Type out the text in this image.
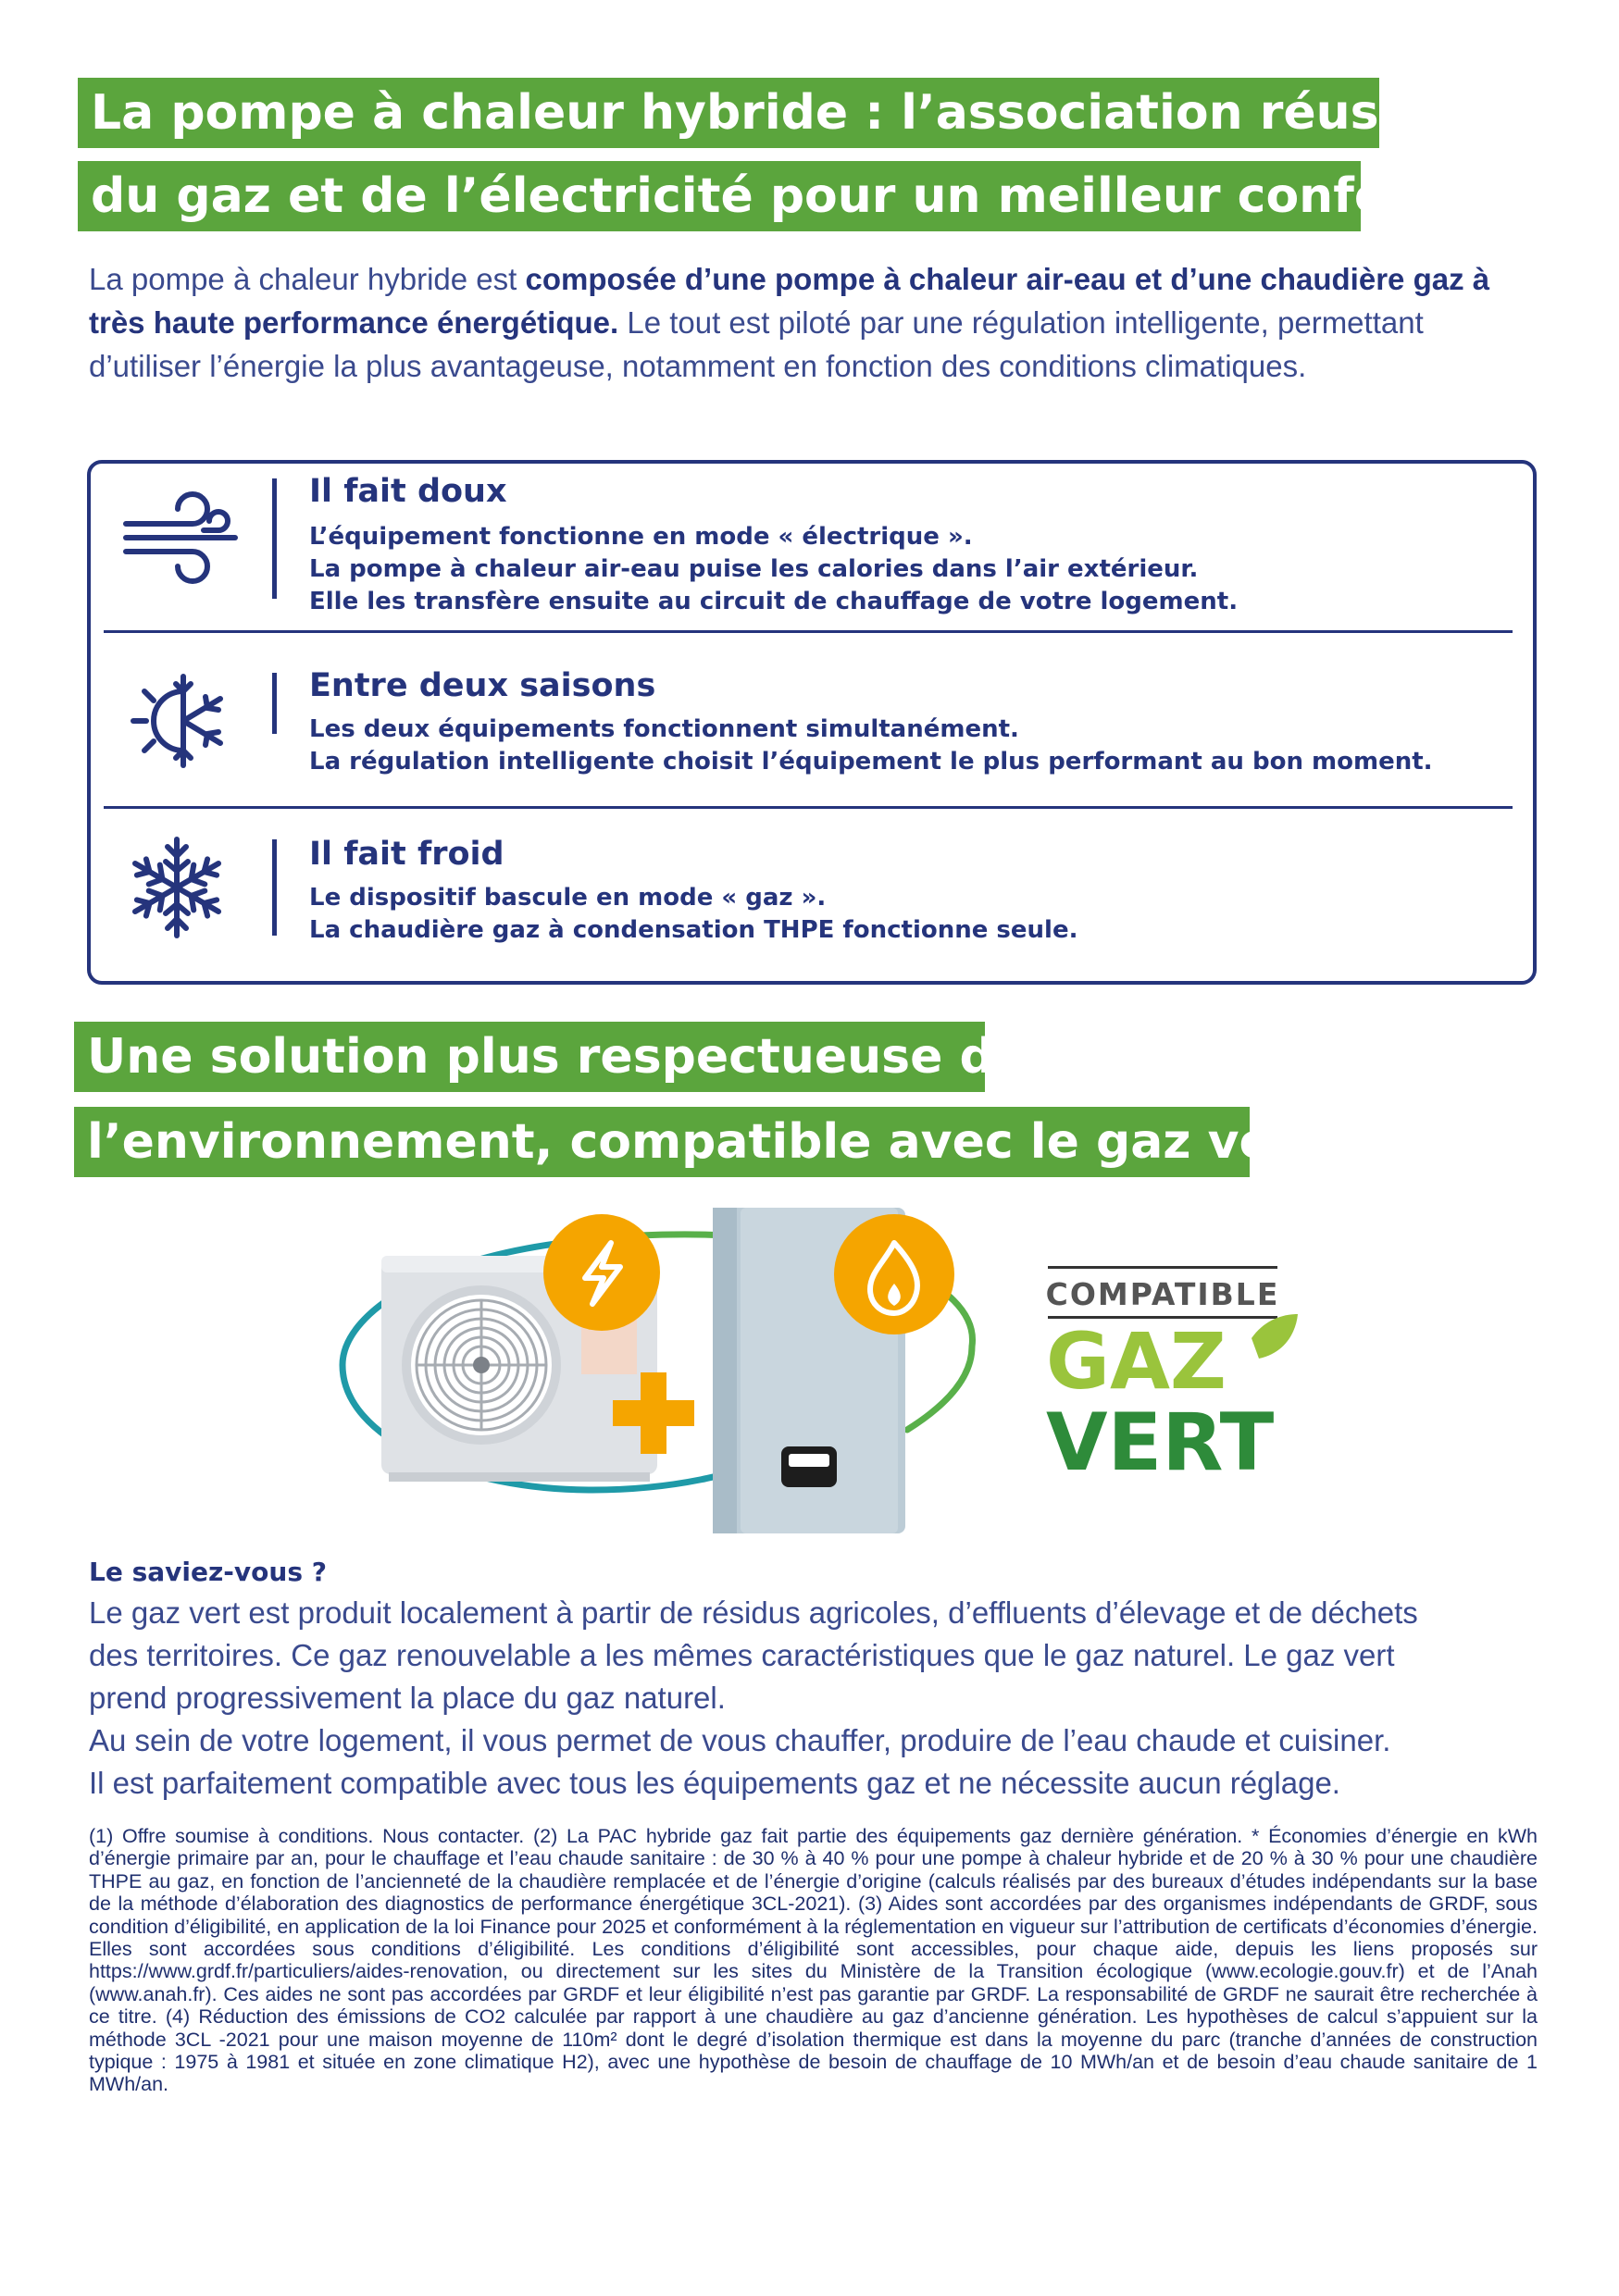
La pompe à chaleur hybride : l’association réussie
du gaz et de l’électricité pour un meilleur confort
La pompe à chaleur hybride est composée d’une pompe à chaleur air-eau et d’une chaudière gaz à très haute performance énergétique. Le tout est piloté par une régulation intelligente, permettant d’utiliser l’énergie la plus avantageuse, notamment en fonction des conditions climatiques.
Il fait doux
L’équipement fonctionne en mode « électrique ».
La pompe à chaleur air-eau puise les calories dans l’air extérieur.
Elle les transfère ensuite au circuit de chauffage de votre logement.
Entre deux saisons
Les deux équipements fonctionnent simultanément.
La régulation intelligente choisit l’équipement le plus performant au bon moment.
Il fait froid
Le dispositif bascule en mode « gaz ».
La chaudière gaz à condensation THPE fonctionne seule.
Une solution plus respectueuse de
l’environnement, compatible avec le gaz vert
COMPATIBLE
GAZ
VERT
Le saviez-vous ?
Le gaz vert est produit localement à partir de résidus agricoles, d’effluents d’élevage et de déchets
des territoires. Ce gaz renouvelable a les mêmes caractéristiques que le gaz naturel. Le gaz vert
prend progressivement la place du gaz naturel.
Au sein de votre logement, il vous permet de vous chauffer, produire de l’eau chaude et cuisiner.
Il est parfaitement compatible avec tous les équipements gaz et ne nécessite aucun réglage.
(1) Offre soumise à conditions. Nous contacter. (2) La PAC hybride gaz fait partie des équipements gaz dernière génération. * Économies d’énergie en kWh d’énergie primaire par an, pour le chauffage et l’eau chaude sanitaire : de 30 % à 40 % pour une pompe à chaleur hybride et de 20 % à 30 % pour une chaudière THPE au gaz, en fonction de l’ancienneté de la chaudière remplacée et de l’énergie d’origine (calculs réalisés par des bureaux d’études indépendants sur la base de la méthode d’élaboration des diagnostics de performance énergétique 3CL-2021). (3) Aides sont accordées par des organismes indépendants de GRDF, sous condition d’éligibilité, en application de la loi Finance pour 2025 et conformément à la réglementation en vigueur sur l’attribution de certificats d’économies d’énergie. Elles sont accordées sous conditions d’éligibilité. Les conditions d’éligibilité sont accessibles, pour chaque aide, depuis les liens proposés sur https://www.grdf.fr/particuliers/aides-renovation, ou directement sur les sites du Ministère de la Transition écologique (www.ecologie.gouv.fr) et de l’Anah (www.anah.fr). Ces aides ne sont pas accordées par GRDF et leur éligibilité n’est pas garantie par GRDF. La responsabilité de GRDF ne saurait être recherchée à ce titre. (4) Réduction des émissions de CO2 calculée par rapport à une chaudière au gaz d’ancienne génération. Les hypothèses de calcul s’appuient sur la méthode 3CL -2021 pour une maison moyenne de 110m² dont le degré d’isolation thermique est dans la moyenne du parc (tranche d’années de construction typique : 1975 à 1981 et située en zone climatique H2), avec une hypothèse de besoin de chauffage de 10 MWh/an et de besoin d’eau chaude sanitaire de 1 MWh/an.
